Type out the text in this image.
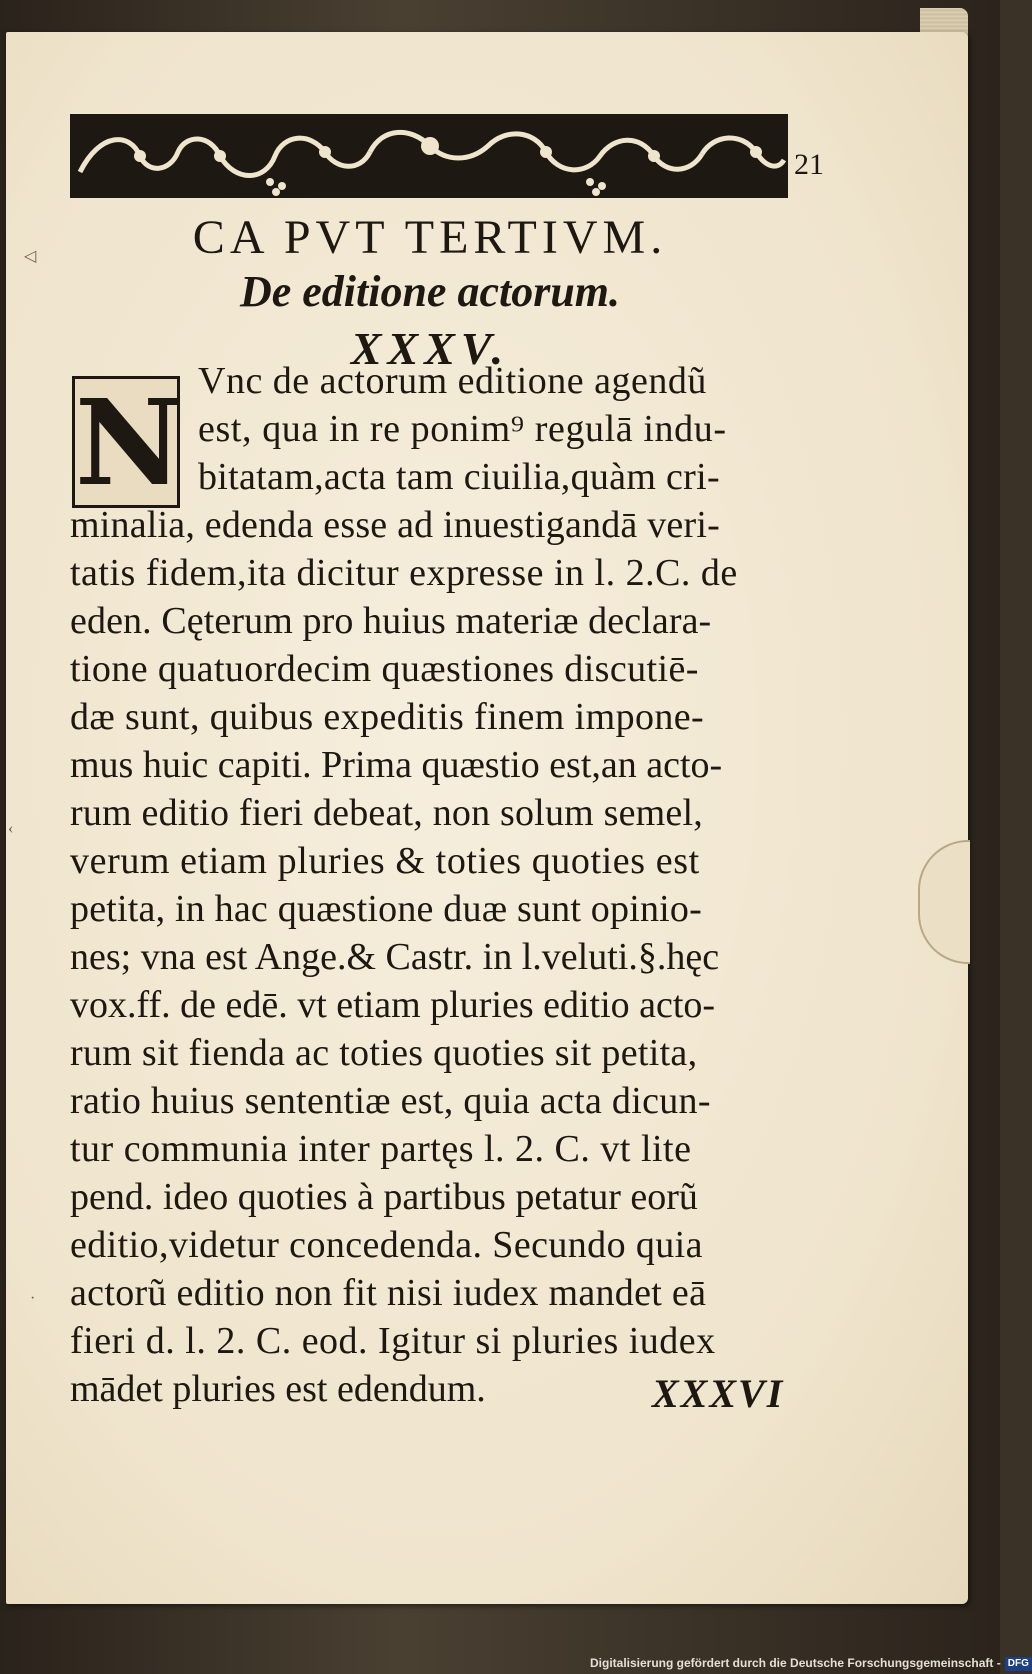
21
CA PVT TERTIVM.
De editione actorum.
XXXV.
N Vnc de actorum editione agendũ
est, qua in re ponim⁹ regulā indu-
bitatam,acta tam ciuilia,quàm cri-
minalia, edenda esse ad inuestigandā veri-
tatis fidem,ita dicitur expresse in l. 2.C. de
eden. Cęterum pro huius materiæ declara-
tione quatuordecim quæstiones discutiē-
dæ sunt, quibus expeditis finem impone-
mus huic capiti. Prima quæstio est,an acto-
rum editio fieri debeat, non solum semel,
verum etiam pluries & toties quoties est
petita, in hac quæstione duæ sunt opinio-
nes; vna est Ange.& Castr. in l.veluti.§.hęc
vox.ff. de edē. vt etiam pluries editio acto-
rum sit fienda ac toties quoties sit petita,
ratio huius sententiæ est, quia acta dicun-
tur communia inter partęs l. 2. C. vt lite
pend. ideo quoties à partibus petatur eorũ
editio,videtur concedenda. Secundo quia
actorũ editio non fit nisi iudex mandet eā
fieri d. l. 2. C. eod. Igitur si pluries iudex
mādet pluries est edendum.	XXXVI
◁
‹
·
Digitalisierung gefördert durch die Deutsche Forschungsgemeinschaft - DFG
